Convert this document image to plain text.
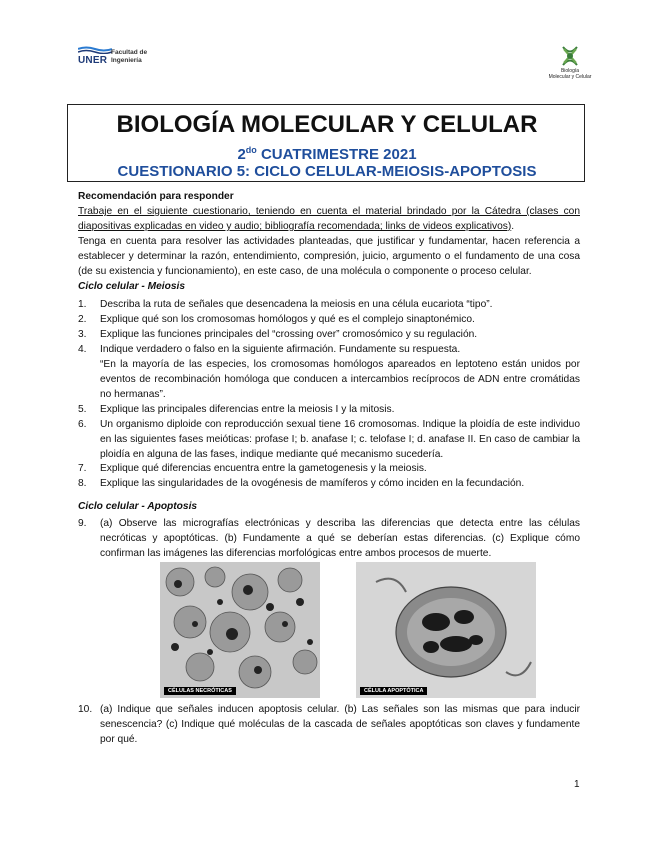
UNER
Facultad de
Ingeniería
Biología
Molecular y Celular
BIOLOGÍA MOLECULAR Y CELULAR
$2^{do}$ CUATRIMESTRE 2021
CUESTIONARIO 5: CICLO CELULAR-MEIOSIS-APOPTOSIS
Recomendación para responder
Trabaje en el siguiente cuestionario, teniendo en cuenta el material brindado por la Cátedra (clases con diapositivas explicadas en video y audio; bibliografía recomendada; links de videos explicativos).
Tenga en cuenta para resolver las actividades planteadas, que justificar y fundamentar, hacen referencia a establecer y determinar la razón, entendimiento, compresión, juicio, argumento o el fundamento de una cosa (de su existencia y funcionamiento), en este caso, de una molécula o componente o proceso celular.
Ciclo celular - Meiosis
1.	Describa la ruta de señales que desencadena la meiosis en una célula eucariota “tipo”.
2.	Explique qué son los cromosomas homólogos y qué es el complejo sinaptonémico.
3.	Explique las funciones principales del “crossing over” cromosómico y su regulación.
4.	Indique verdadero o falso en la siguiente afirmación. Fundamente su respuesta.
“En la mayoría de las especies, los cromosomas homólogos apareados en leptoteno están unidos por eventos de recombinación homóloga que conducen a intercambios recíprocos de ADN entre cromátidas no hermanas”.
5.	Explique las principales diferencias entre la meiosis I y la mitosis.
6.	Un organismo diploide con reproducción sexual tiene 16 cromosomas. Indique la ploidía de este individuo en las siguientes fases meióticas: profase I; b. anafase I; c. telofase I; d. anafase II. En caso de cambiar la ploidía en alguna de las fases, indique mediante qué mecanismo sucedería.
7.	Explique qué diferencias encuentra entre la gametogenesis y la meiosis.
8.	Explique las singularidades de la ovogénesis de mamíferos y cómo inciden en la fecundación.
Ciclo celular - Apoptosis
9.	(a) Observe las micrografías electrónicas y describa las diferencias que detecta entre las células necróticas y apoptóticas. (b) Fundamente a qué se deberían estas diferencias. (c) Explique cómo confirman las imágenes las diferencias morfológicas entre ambos procesos de muerte.
CÉLULAS NECRÓTICAS	CÉLULA APOPTÓTICA
10. (a) Indique que señales inducen apoptosis celular. (b) Las señales son las mismas que para inducir senescencia? (c) Indique qué moléculas de la cascada de señales apoptóticas son claves y fundamente por qué.
1
